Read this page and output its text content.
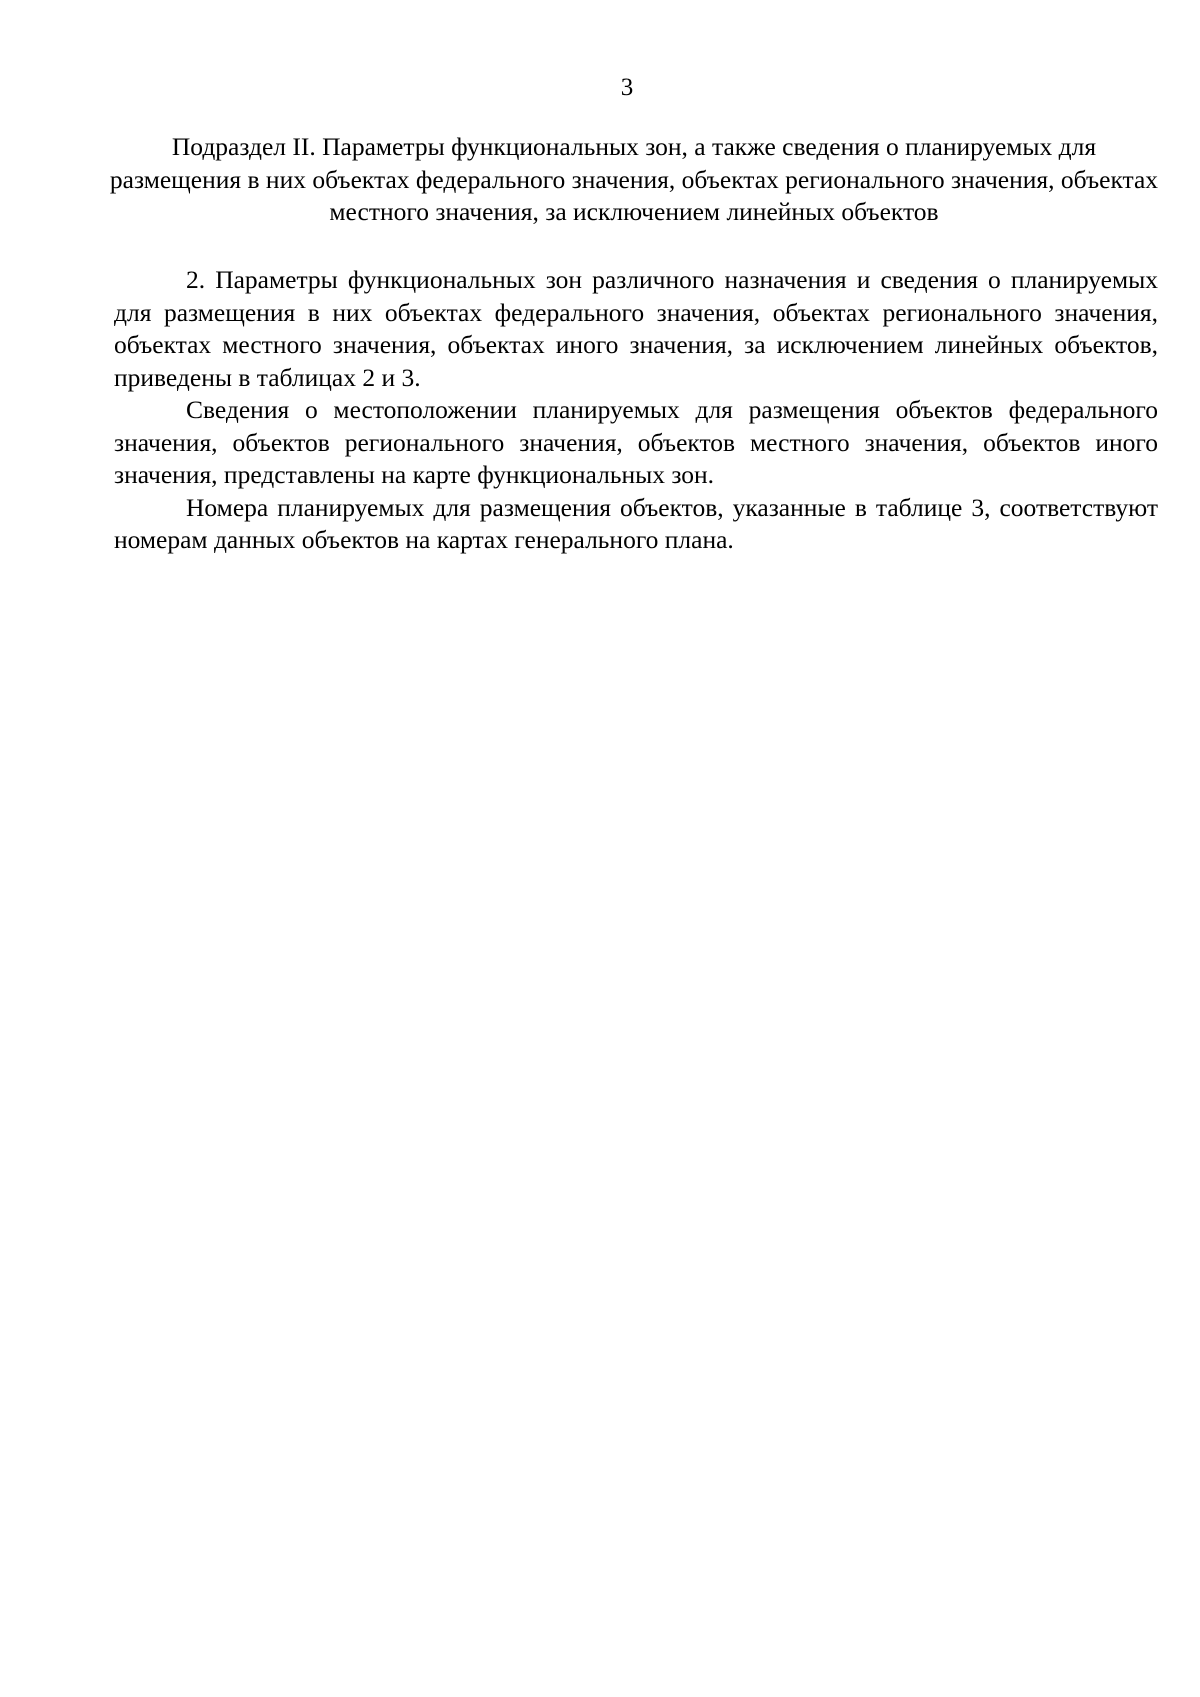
3
Подраздел II. Параметры функциональных зон, а также сведения о планируемых для размещения в них объектах федерального значения, объектах регионального значения, объектах местного значения, за исключением линейных объектов

2. Параметры функциональных зон различного назначения и сведения о планируемых для размещения в них объектах федерального значения, объектах регионального значения, объектах местного значения, объектах иного значения, за исключением линейных объектов, приведены в таблицах 2 и 3.

Сведения о местоположении планируемых для размещения объектов федерального значения, объектов регионального значения, объектов местного значения, объектов иного значения, представлены на карте функциональных зон.

Номера планируемых для размещения объектов, указанные в таблице 3, соответствуют номерам данных объектов на картах генерального плана.
